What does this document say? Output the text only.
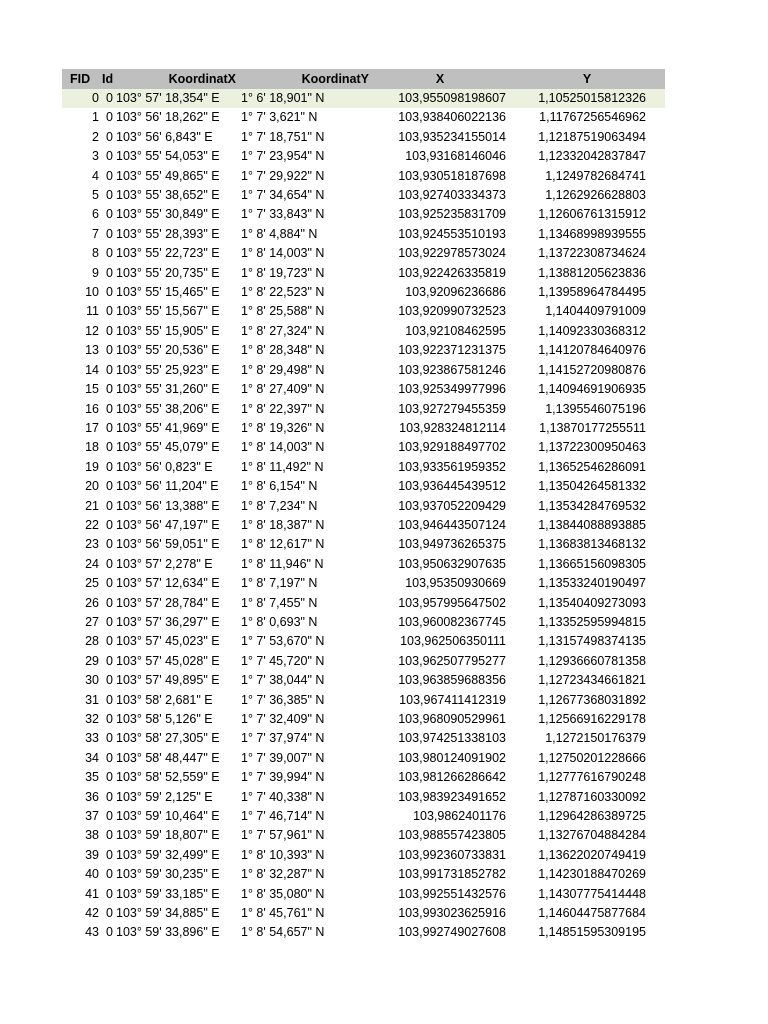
FID	Id	KoordinatX	KoordinatY	X	Y
0	0	103° 57' 18,354" E	1° 6' 18,901" N	103,955098198607	1,10525015812326
1	0	103° 56' 18,262" E	1° 7' 3,621" N	103,938406022136	1,11767256546962
2	0	103° 56' 6,843" E	1° 7' 18,751" N	103,935234155014	1,12187519063494
3	0	103° 55' 54,053" E	1° 7' 23,954" N	103,93168146046	1,12332042837847
4	0	103° 55' 49,865" E	1° 7' 29,922" N	103,930518187698	1,1249782684741
5	0	103° 55' 38,652" E	1° 7' 34,654" N	103,927403334373	1,1262926628803
6	0	103° 55' 30,849" E	1° 7' 33,843" N	103,925235831709	1,12606761315912
7	0	103° 55' 28,393" E	1° 8' 4,884" N	103,924553510193	1,13468998939555
8	0	103° 55' 22,723" E	1° 8' 14,003" N	103,922978573024	1,13722308734624
9	0	103° 55' 20,735" E	1° 8' 19,723" N	103,922426335819	1,13881205623836
10	0	103° 55' 15,465" E	1° 8' 22,523" N	103,92096236686	1,13958964784495
11	0	103° 55' 15,567" E	1° 8' 25,588" N	103,920990732523	1,1404409791009
12	0	103° 55' 15,905" E	1° 8' 27,324" N	103,92108462595	1,14092330368312
13	0	103° 55' 20,536" E	1° 8' 28,348" N	103,922371231375	1,14120784640976
14	0	103° 55' 25,923" E	1° 8' 29,498" N	103,923867581246	1,14152720980876
15	0	103° 55' 31,260" E	1° 8' 27,409" N	103,925349977996	1,14094691906935
16	0	103° 55' 38,206" E	1° 8' 22,397" N	103,927279455359	1,1395546075196
17	0	103° 55' 41,969" E	1° 8' 19,326" N	103,928324812114	1,13870177255511
18	0	103° 55' 45,079" E	1° 8' 14,003" N	103,929188497702	1,13722300950463
19	0	103° 56' 0,823" E	1° 8' 11,492" N	103,933561959352	1,13652546286091
20	0	103° 56' 11,204" E	1° 8' 6,154" N	103,936445439512	1,13504264581332
21	0	103° 56' 13,388" E	1° 8' 7,234" N	103,937052209429	1,13534284769532
22	0	103° 56' 47,197" E	1° 8' 18,387" N	103,946443507124	1,13844088893885
23	0	103° 56' 59,051" E	1° 8' 12,617" N	103,949736265375	1,13683813468132
24	0	103° 57' 2,278" E	1° 8' 11,946" N	103,950632907635	1,13665156098305
25	0	103° 57' 12,634" E	1° 8' 7,197" N	103,95350930669	1,13533240190497
26	0	103° 57' 28,784" E	1° 8' 7,455" N	103,957995647502	1,13540409273093
27	0	103° 57' 36,297" E	1° 8' 0,693" N	103,960082367745	1,13352595994815
28	0	103° 57' 45,023" E	1° 7' 53,670" N	103,962506350111	1,13157498374135
29	0	103° 57' 45,028" E	1° 7' 45,720" N	103,962507795277	1,12936660781358
30	0	103° 57' 49,895" E	1° 7' 38,044" N	103,963859688356	1,12723434661821
31	0	103° 58' 2,681" E	1° 7' 36,385" N	103,967411412319	1,12677368031892
32	0	103° 58' 5,126" E	1° 7' 32,409" N	103,968090529961	1,12566916229178
33	0	103° 58' 27,305" E	1° 7' 37,974" N	103,974251338103	1,1272150176379
34	0	103° 58' 48,447" E	1° 7' 39,007" N	103,980124091902	1,12750201228666
35	0	103° 58' 52,559" E	1° 7' 39,994" N	103,981266286642	1,12777616790248
36	0	103° 59' 2,125" E	1° 7' 40,338" N	103,983923491652	1,12787160330092
37	0	103° 59' 10,464" E	1° 7' 46,714" N	103,9862401176	1,12964286389725
38	0	103° 59' 18,807" E	1° 7' 57,961" N	103,988557423805	1,13276704884284
39	0	103° 59' 32,499" E	1° 8' 10,393" N	103,992360733831	1,13622020749419
40	0	103° 59' 30,235" E	1° 8' 32,287" N	103,991731852782	1,14230188470269
41	0	103° 59' 33,185" E	1° 8' 35,080" N	103,992551432576	1,14307775414448
42	0	103° 59' 34,885" E	1° 8' 45,761" N	103,993023625916	1,14604475877684
43	0	103° 59' 33,896" E	1° 8' 54,657" N	103,992749027608	1,14851595309195
